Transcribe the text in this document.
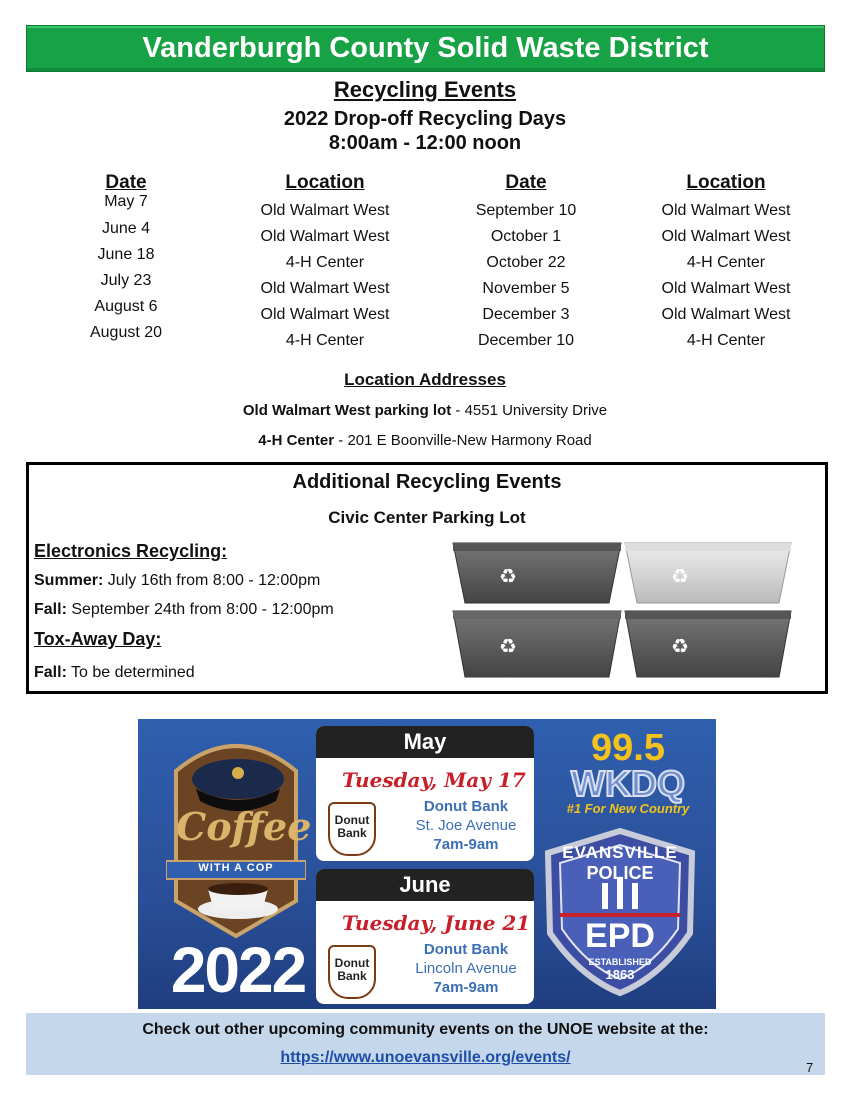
Vanderburgh County Solid Waste District
Recycling Events
2022 Drop-off Recycling Days
8:00am - 12:00 noon
Date
May 7
June 4
June 18
July 23
August 6
August 20
Location
Old Walmart West
Old Walmart West
4-H Center
Old Walmart West
Old Walmart West
4-H Center
Date
September 10
October 1
October 22
November 5
December 3
December 10
Location
Old Walmart West
Old Walmart West
4-H Center
Old Walmart West
Old Walmart West
4-H Center
Location Addresses
Old Walmart West parking lot - 4551 University Drive
4-H Center - 201 E Boonville-New Harmony Road
Additional Recycling Events
Civic Center Parking Lot
Electronics Recycling:
Summer: July 16th from 8:00 - 12:00pm
Fall: September 24th from 8:00 - 12:00pm
Tox-Away Day:
Fall: To be determined
♻	♻
♻	♻
Coffee
WITH A COP
2022
May
Tuesday, May 17
Donut Bank
Donut Bank
St. Joe Avenue
7am-9am
June
Tuesday, June 21
Donut Bank
Donut Bank
Lincoln Avenue
7am-9am
99.5
WKDQ
#1 For New Country
EVANSVILLE
POLICE
EPD
ESTABLISHED
1863
Check out other upcoming community events on the UNOE website at the:
https://www.unoevansville.org/events/
7
